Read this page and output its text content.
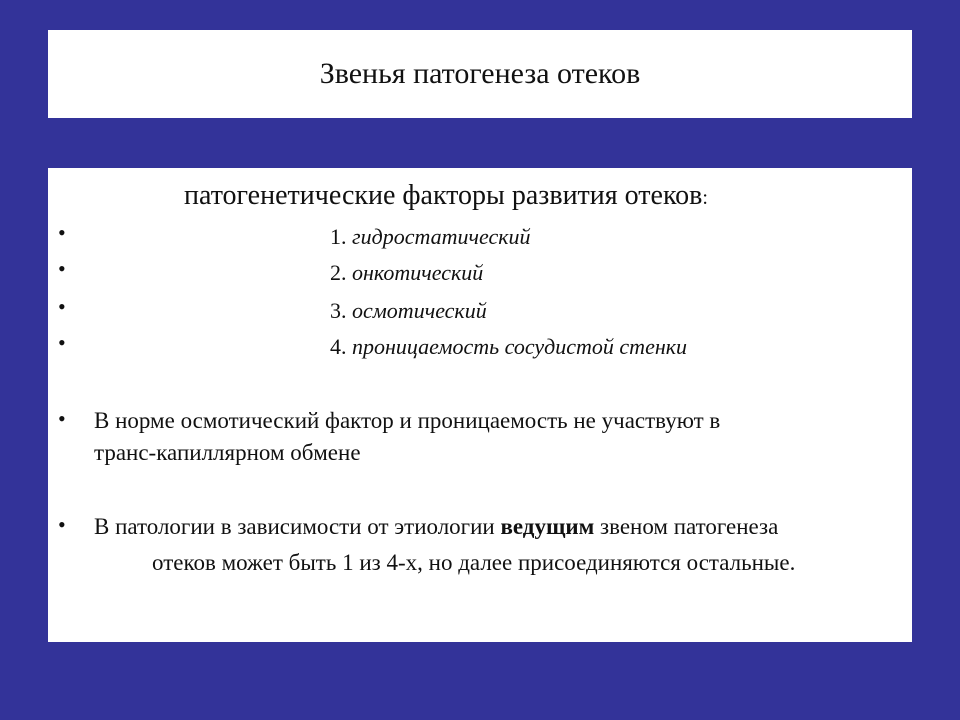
Звенья патогенеза отеков
патогенетические факторы развития отеков:
•	1. гидростатический
•	2. онкотический
•	3. осмотический
•	4. проницаемость сосудистой стенки
• В норме осмотический фактор и проницаемость не участвуют в
транс-капиллярном обмене
• В патологии в зависимости от этиологии ведущим звеном патогенеза
отеков может быть 1 из 4-х, но далее присоединяются остальные.
